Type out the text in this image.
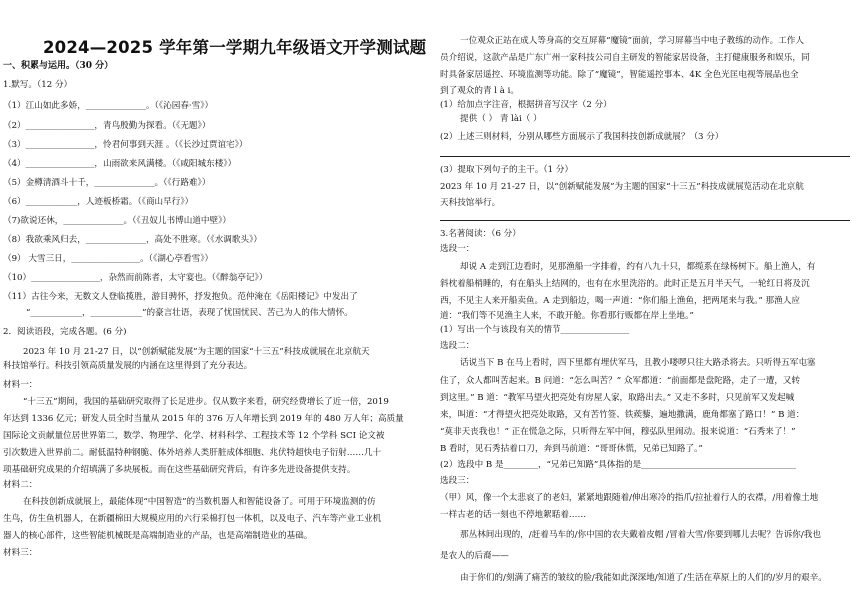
2024—2025 学年第一学期九年级语文开学测试题
一、积累与运用。（30 分）
1.默写。（12 分）
（1）江山如此多娇，______________。（《沁园春·雪》）
（2）________________，青鸟殷勤为探看。（《无题》）
（3）________________，怜君何事到天涯 。（《长沙过贾谊宅》）
（4）________________，山雨欲来风满楼。（《咸阳城东楼》）
（5）金樽清酒斗十千，______________。（《行路难》）
（6）____________，人迹板桥霜。（《商山早行》）
（7)欲说还休，______________。（《丑奴儿书博山道中壁》）
（8）我欲乘风归去，______________，高处不胜寒。（《水调歌头》）
（9） 大雪三日，________________。（《湖心亭看雪》）
（10）________________，杂然而前陈者，太守宴也。（《醉翁亭记》）
（11）古往今来，无数文人登临揽胜，游目骋怀，抒发抱负。范仲淹在《岳阳楼记》中发出了
“____________，____________”的豪言壮语，表现了忧国忧民、苦己为人的伟大情怀。
2．阅读语段，完成各题。(6 分)
2023 年 10 月 21-27 日，以“创新赋能发展”为主题的国家“十三五”科技成就展在北京航天
科技馆举行。科技引领高质量发展的内涵在这里得到了充分表达。
材料一：
“十三五”期间，我国的基础研究取得了长足进步。仅从数字来看，研究经费增长了近一倍，2019
年达到 1336 亿元；研发人员全时当量从 2015 年的 376 万人年增长到 2019 年的 480 万人年；高质量
国际论文贡献量位居世界第二，数学、物理学、化学、材料科学、工程技术等 12 个学科 SCI 论文被
引次数进入世界前二。耐低温特种钢脆、体外培养人类肝脏成体细胞、兆伏特超快电子衍射……几十
项基础研究成果的介绍填满了多块展板。而在这些基础研究背后，有许多先进设备提供支持。
材料二：
在科技创新成就展上，最能体现“中国智造”的当数机器人和智能设备了。可用于环境监测的仿
生鸟，仿生鱼机器人，在新疆棉田大规模应用的六行采棉打包一体机，以及电子、汽车等产业工业机
器人的核心部件，这些智能机械既是高端制造业的产品，也是高端制造业的基础。
材料三：
一位观众正站在成人等身高的交互屏幕“魔镜”面前，学习屏幕当中电子教练的动作。工作人
员介绍说，这款产品是广东广州一家科技公司自主研发的智能家居设备，主打健康服务和娱乐，同
时具备家居遥控、环境监测等功能。除了“魔镜”，智能遥控事本、4K 全色光匡电视等展品也全
到了观众的青 l à i。
(1）给加点字注音，根据拼音写汉字（2 分）
提供（ ） 青 lài（ ）
(2）上述三则材料，分别从哪些方面展示了我国科技创新成就展？（3 分）
(3）提取下列句子的主干。（1 分）
2023 年 10 月 21-27 日，以“创新赋能发展”为主题的国家“十三五”科技成就展览活动在北京航
天科技馆举行。
3.名著阅读：（6 分）
选段一：
却说 A 走到江边看时，见那渔船一字排着，约有八九十只，都缆系在绿杨树下。船上渔人，有
斜枕着船梢睡的，有在船头上结网的，也有在水里洗浴的。此时正是五月半天气，一轮红日将及沉
西，不见主人来开船卖鱼。A 走到船边，喝一声道：“你们船上渔鱼，把两尾来与我。” 那渔人应
道：“我们等不见渔主人来，不敢开舱。你看那行贩都在岸上坐地。”
(1）写出一个与该段有关的情节________________
选段二：
话说当下 B 在马上看时，四下里都有埋伏军马，且教小喽啰只往大路杀将去。只听得五军屯塞
住了，众人都叫苦起来。B 问道：“怎么叫苦？” 众军都道：“前面都是盘陀路，走了一遭，又转
到这里。” B 道：“教军马望火把亮处有房屋人家，取路出去。” 又走不多时，只见前军又发起喊
来，叫道：“才得望火把亮处取路，又有苦竹签、铁蒺藜，遍地撒满，鹿角都塞了路口！” B 道：
“莫非天丧我也！” 正在慌急之际，只听得左军中间，穆弘队里闹动。报来说道：“石秀来了！”
B 看时，见石秀拈着口刀，奔到马前道：“哥哥休慌，兄弟已知路了。”
(2）选段中 B 是________，“兄弟已知路”具体指的是____________________________________
选段三：
（甲）风，像一个太悲哀了的老妇，紧紧地跟随着/伸出寒冷的指爪/拉扯着行人的衣襟，/用着像土地
一样古老的话一刻也不停地絮聒着……
那丛林间出现的，/赶着马车的/你中国的农夫戴着皮帽 /冒着大雪/你要到哪儿去呢？告诉你/我也
是农人的后裔——
由于你们的/刻满了痛苦的皱纹的脸/我能如此深深地/知道了/生活在草原上的人们的/岁月的艰辛。
